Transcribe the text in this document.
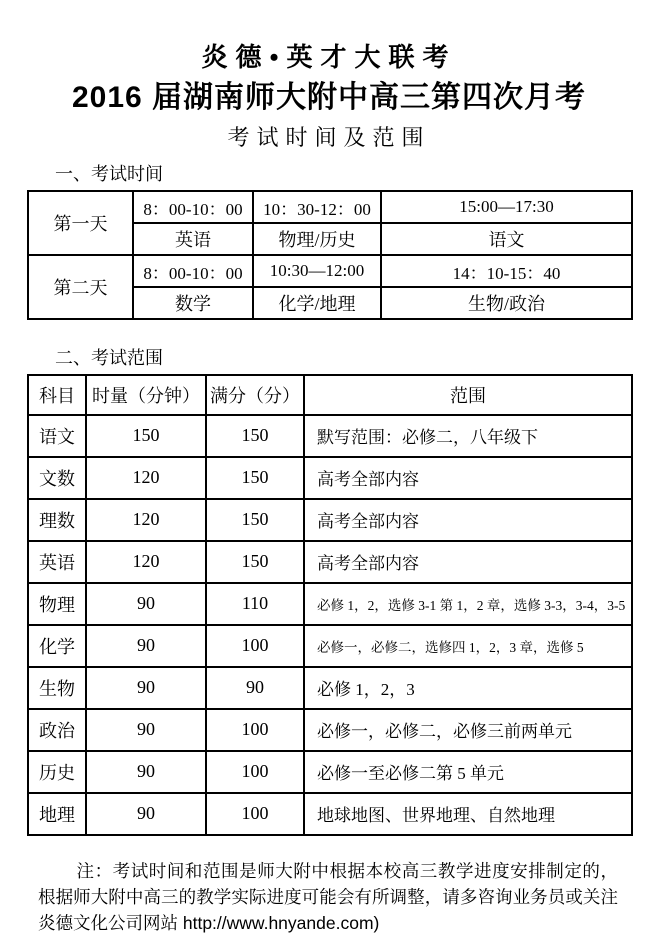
炎德•英才大联考
2016 届湖南师大附中高三第四次月考
考试时间及范围
一、考试时间
第一天	8：00-10：00	10：30-12：00	15:00—17:30
	英语	物理/历史	语文
第二天	8：00-10：00	10:30—12:00	14：10-15：40
	数学	化学/地理	生物/政治
二、考试范围
科目	时量（分钟）	满分（分）	范围
语文	150	150	默写范围：必修二，八年级下
文数	120	150	高考全部内容
理数	120	150	高考全部内容
英语	120	150	高考全部内容
物理	90	110	必修 1，2，选修 3-1 第 1，2 章，选修 3-3，3-4，3-5
化学	90	100	必修一，必修二，选修四 1，2，3 章，选修 5
生物	90	90	必修 1，2，3
政治	90	100	必修一，必修二，必修三前两单元
历史	90	100	必修一至必修二第 5 单元
地理	90	100	地球地图、世界地理、自然地理
注：考试时间和范围是师大附中根据本校高三教学进度安排制定的，根据师大附中高三的教学实际进度可能会有所调整，请多咨询业务员或关注炎德文化公司网站 http://www.hnyande.com)
